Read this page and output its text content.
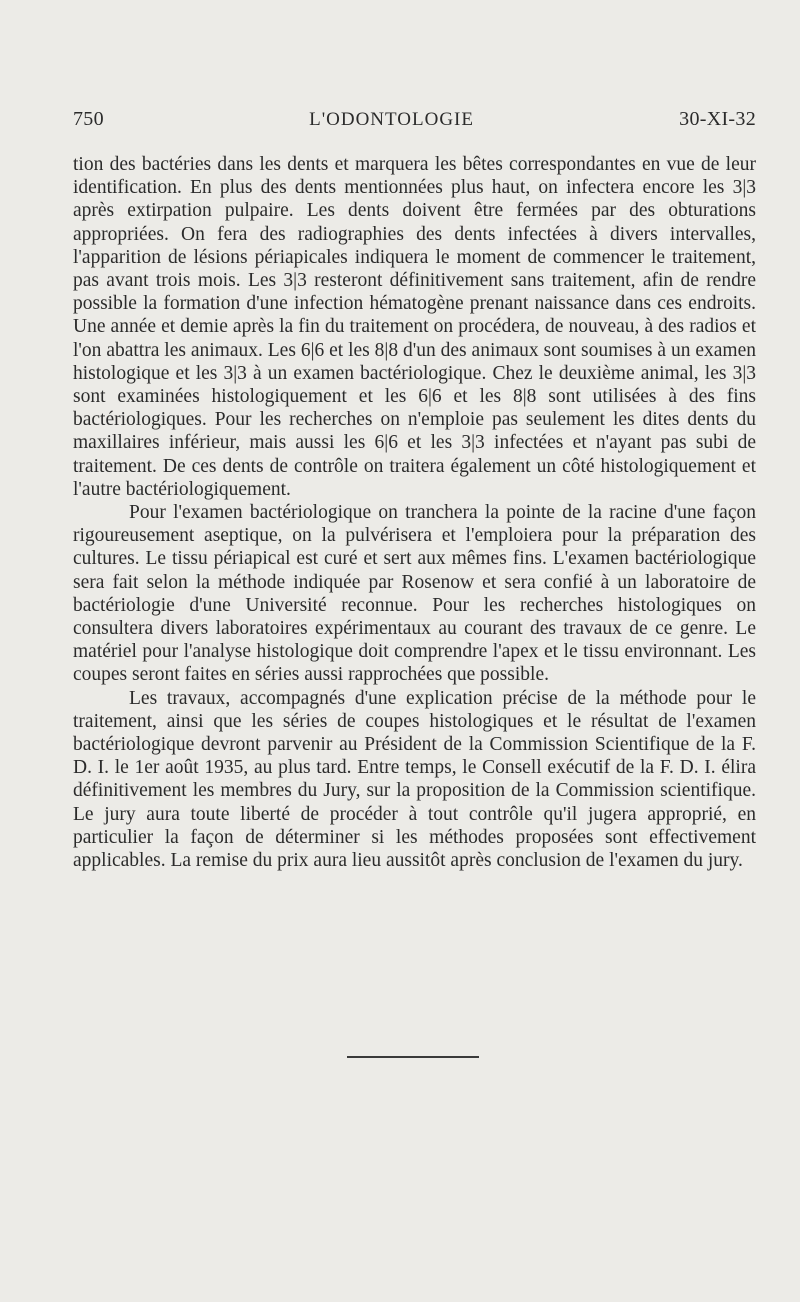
750	L'ODONTOLOGIE	30-XI-32

tion des bactéries dans les dents et marquera les bêtes correspondantes en vue de leur identification. En plus des dents mentionnées plus haut, on infectera encore les 3|3 après extirpation pulpaire. Les dents doivent être fermées par des obturations appropriées. On fera des radiographies des dents infectées à divers intervalles, l'apparition de lésions périapicales indiquera le moment de commencer le traitement, pas avant trois mois. Les 3|3 resteront définitivement sans traitement, afin de rendre possible la formation d'une infection hématogène prenant naissance dans ces endroits. Une année et demie après la fin du traitement on procédera, de nouveau, à des radios et l'on abattra les animaux. Les 6|6 et les 8|8 d'un des animaux sont soumises à un examen histologique et les 3|3 à un examen bactériologique. Chez le deuxième animal, les 3|3 sont examinées histologiquement et les 6|6 et les 8|8 sont utilisées à des fins bactériologiques. Pour les recherches on n'emploie pas seulement les dites dents du maxillaires inférieur, mais aussi les 6|6 et les 3|3 infectées et n'ayant pas subi de traitement. De ces dents de contrôle on traitera également un côté histologiquement et l'autre bactériologiquement.

Pour l'examen bactériologique on tranchera la pointe de la racine d'une façon rigoureusement aseptique, on la pulvérisera et l'emploiera pour la préparation des cultures. Le tissu périapical est curé et sert aux mêmes fins. L'examen bactériologique sera fait selon la méthode indiquée par Rosenow et sera confié à un laboratoire de bactériologie d'une Université reconnue. Pour les recherches histologiques on consultera divers laboratoires expérimentaux au courant des travaux de ce genre. Le matériel pour l'analyse histologique doit comprendre l'apex et le tissu environnant. Les coupes seront faites en séries aussi rapprochées que possible.

Les travaux, accompagnés d'une explication précise de la méthode pour le traitement, ainsi que les séries de coupes histologiques et le résultat de l'examen bactériologique devront parvenir au Président de la Commission Scientifique de la F. D. I. le 1er août 1935, au plus tard. Entre temps, le Consell exécutif de la F. D. I. élira définitivement les membres du Jury, sur la proposition de la Commission scientifique. Le jury aura toute liberté de procéder à tout contrôle qu'il jugera approprié, en particulier la façon de déterminer si les méthodes proposées sont effectivement applicables. La remise du prix aura lieu aussitôt après conclusion de l'examen du jury.
